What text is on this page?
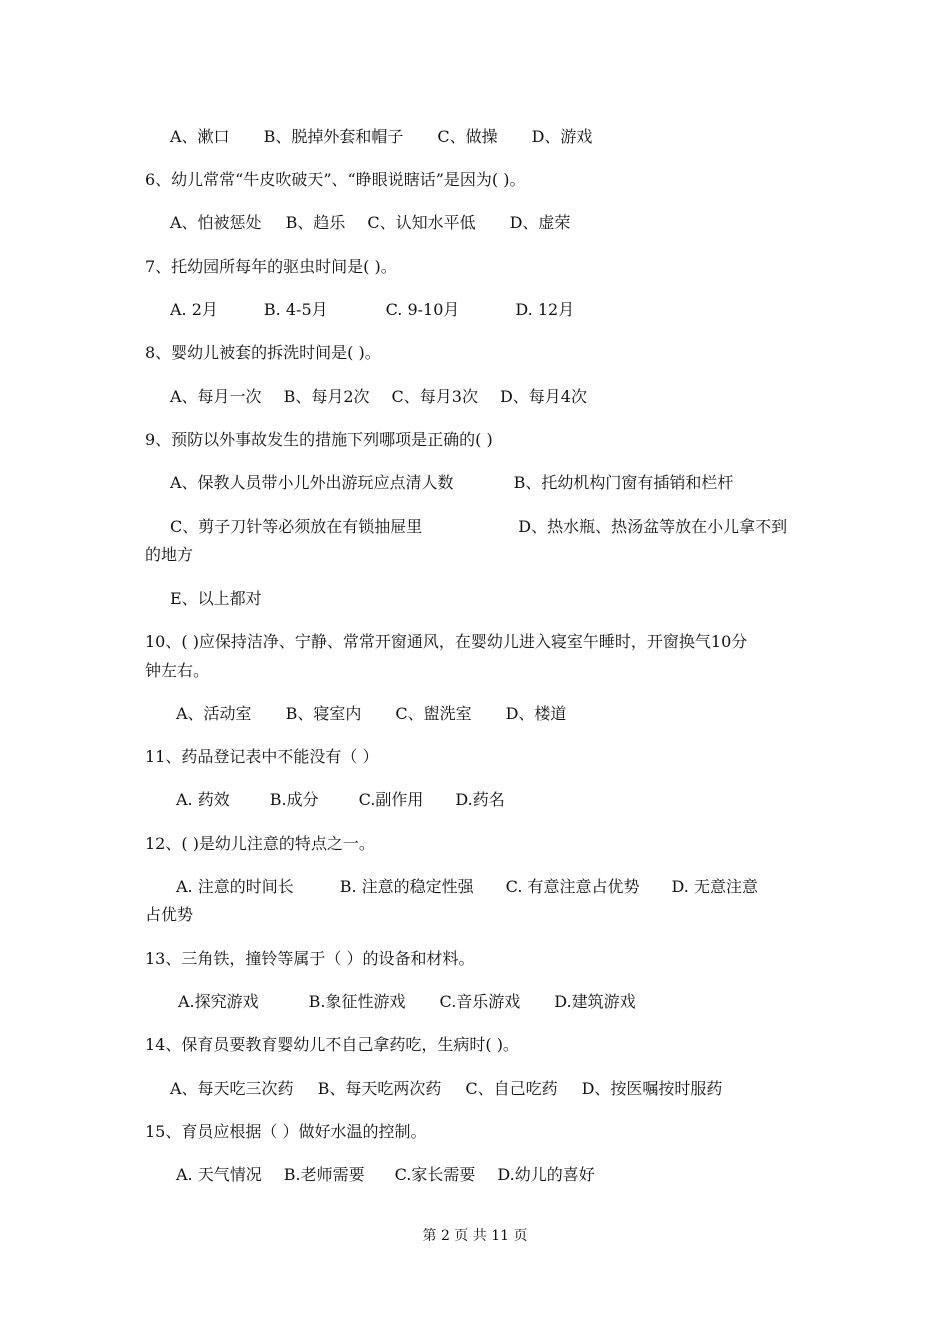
A、漱口 B、脱掉外套和帽子 C、做操 D、游戏
6、幼儿常常“牛皮吹破天”、“睁眼说瞎话”是因为( )。
A、怕被惩处 B、趋乐 C、认知水平低 D、虚荣
7、托幼园所每年的驱虫时间是( )。
A. 2月	B. 4-5月	C. 9-10月	D. 12月
8、婴幼儿被套的拆洗时间是( )。
A、每月一次 B、每月2次 C、每月3次 D、每月4次
9、预防以外事故发生的措施下列哪项是正确的( )
A、保教人员带小儿外出游玩应点清人数	B、托幼机构门窗有插销和栏杆
C、剪子刀针等必须放在有锁抽屉里	D、热水瓶、热汤盆等放在小儿拿不到
的地方
E、以上都对
10、( )应保持洁净、宁静、常常开窗通风，在婴幼儿进入寝室午睡时，开窗换气10分
钟左右。
A、活动室 B、寝室内 C、盥洗室 D、楼道
11、药品登记表中不能没有（ ）
A. 药效	B.成分	C.副作用 D.药名
12、( )是幼儿注意的特点之一。
A. 注意的时间长	B. 注意的稳定性强 C. 有意注意占优势 D. 无意注意
占优势
13、三角铁，撞铃等属于（ ）的设备和材料。
A.探究游戏	B.象征性游戏 C.音乐游戏 D.建筑游戏
14、保育员要教育婴幼儿不自己拿药吃，生病时( )。
A、每天吃三次药 B、每天吃两次药 C、自己吃药 D、按医嘱按时服药
15、育员应根据（ ）做好水温的控制。
A. 天气情况 B.老师需要 C.家长需要 D.幼儿的喜好
第 2 页 共 11 页
